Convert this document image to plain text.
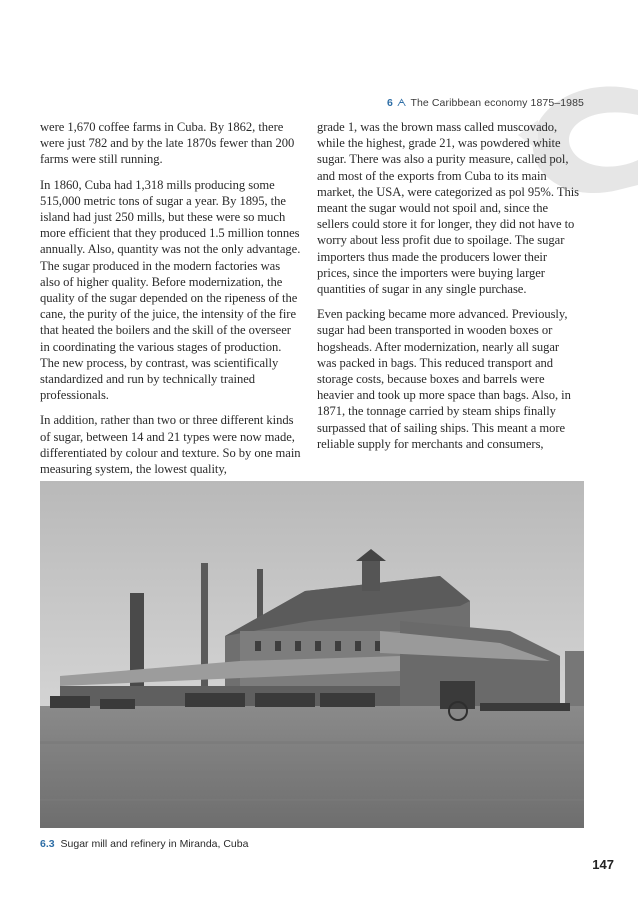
6 ᗅ The Caribbean economy 1875–1985

were 1,670 coffee farms in Cuba. By 1862, there were just 782 and by the late 1870s fewer than 200 farms were still running.

In 1860, Cuba had 1,318 mills producing some 515,000 metric tons of sugar a year. By 1895, the island had just 250 mills, but these were so much more efficient that they produced 1.5 million tonnes annually. Also, quantity was not the only advantage. The sugar produced in the modern factories was also of higher quality. Before modernization, the quality of the sugar depended on the ripeness of the cane, the purity of the juice, the intensity of the fire that heated the boilers and the skill of the overseer in coordinating the various stages of production. The new process, by contrast, was scientifically standardized and run by technically trained professionals.

In addition, rather than two or three different kinds of sugar, between 14 and 21 types were now made, differentiated by colour and texture. So by one main measuring system, the lowest quality,

grade 1, was the brown mass called muscovado, while the highest, grade 21, was powdered white sugar. There was also a purity measure, called pol, and most of the exports from Cuba to its main market, the USA, were categorized as pol 95%. This meant the sugar would not spoil and, since the sellers could store it for longer, they did not have to worry about less profit due to spoilage. The sugar importers thus made the producers lower their prices, since the importers were buying larger quantities of sugar in any single purchase.

Even packing became more advanced. Previously, sugar had been transported in wooden boxes or hogsheads. After modernization, nearly all sugar was packed in bags. This reduced transport and storage costs, because boxes and barrels were heavier and took up more space than bags. Also, in 1871, the tonnage carried by steam ships finally surpassed that of sailing ships. This meant a more reliable supply for merchants and consumers,

6.3 Sugar mill and refinery in Miranda, Cuba
147
